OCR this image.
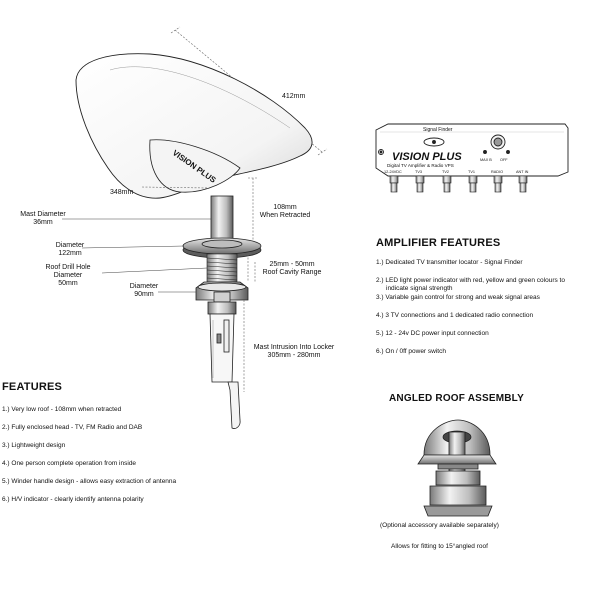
VISION PLUS
412mm
348mm
Mast Diameter
36mm
108mm
When Retracted
Diameter
122mm
Roof Drill Hole
Diameter
50mm
25mm - 50mm
Roof Cavity Range
Diameter
90mm
Mast Intrusion Into Locker
305mm - 280mm
Signal Finder
VISION PLUS
Digital TV Amplifier & Radio VPS
MAX B OFF
12-24VDC	TV3	TV2	TV1	RADIO	ANT IN
AMPLIFIER FEATURES
1.) Dedicated TV transmitter locator - Signal Finder
2.) LED light power indicator with red, yellow and green colours to
indicate signal strength
3.) Variable gain control for strong and weak signal areas
4.) 3 TV connections and 1 dedicated radio connection
5.) 12 - 24v DC power input connection
6.) On / 0ff power switch
FEATURES
1.) Very low roof - 108mm when retracted
2.) Fully enclosed head - TV, FM Radio and DAB
3.) Lightweight design
4.) One person complete operation from inside
5.) Winder handle design - allows easy extraction of antenna
6.) H/V indicator - clearly identify antenna polarity
ANGLED ROOF ASSEMBLY
(Optional accessory available separately)
Allows for fitting to 15°angled roof
